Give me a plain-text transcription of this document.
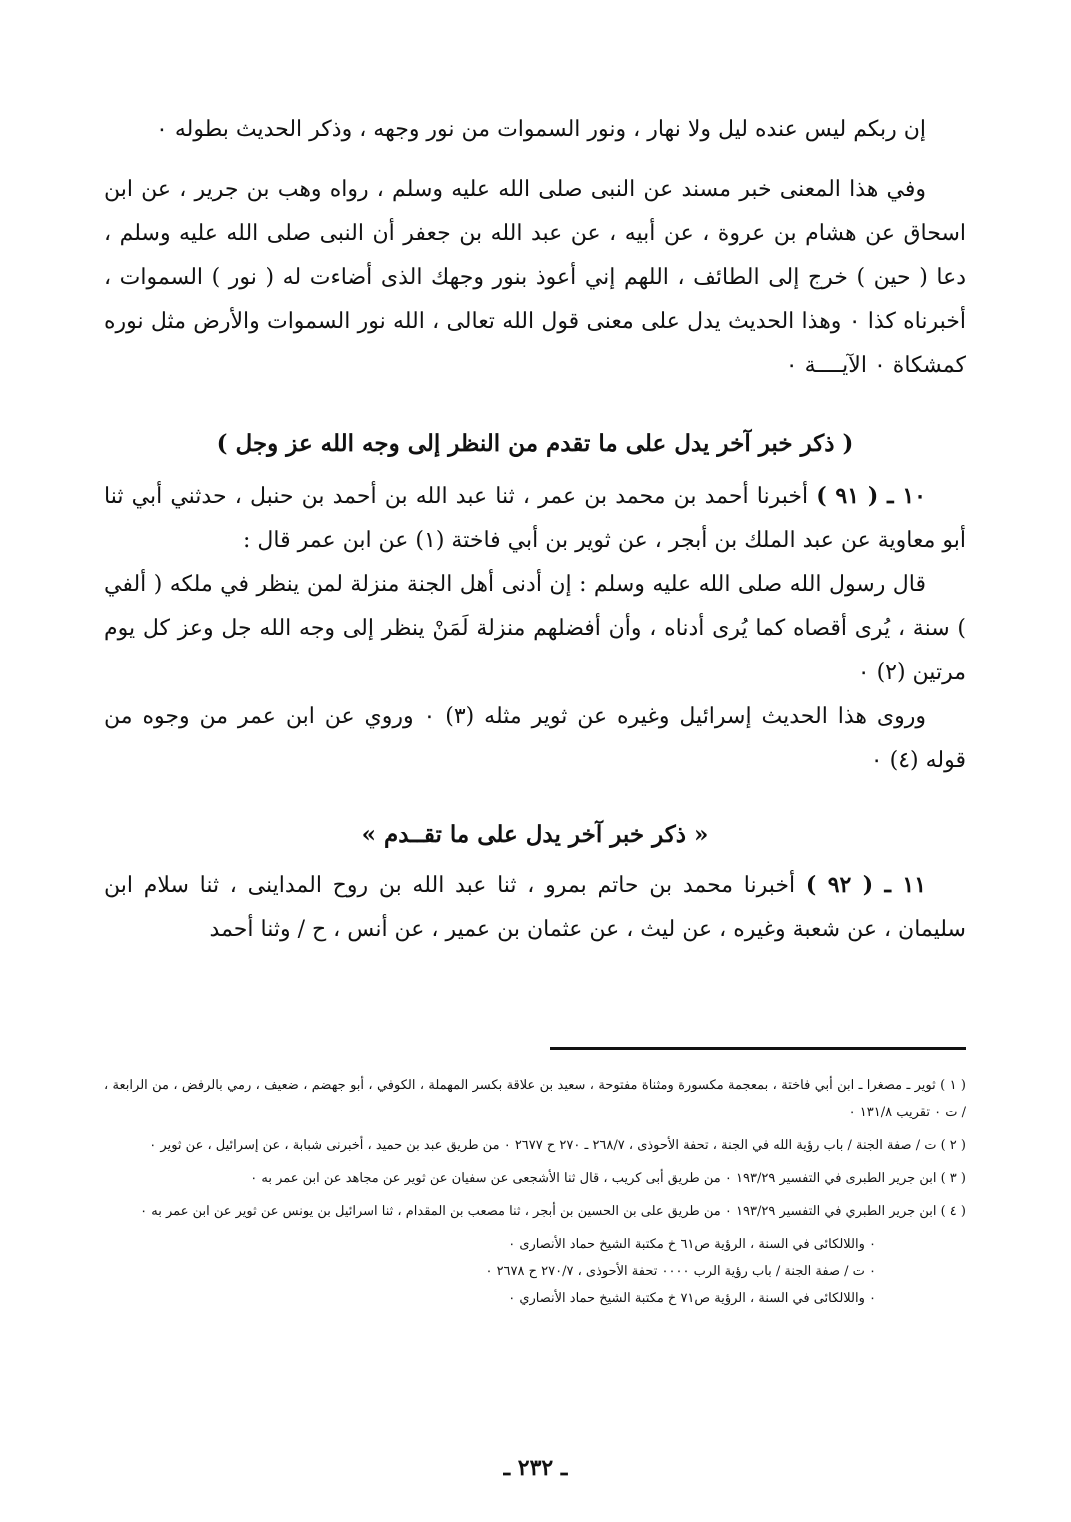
إن ربكم ليس عنده ليل ولا نهار ، ونور السموات من نور وجهه ، وذكر الحديث بطوله ٠

وفي هذا المعنى خبر مسند عن النبى صلى الله عليه وسلم ، رواه وهب بن جرير ، عن ابن اسحاق عن هشام بن عروة ، عن أبيه ، عن عبد الله بن جعفر أن النبى صلى الله عليه وسلم ، دعا ( حين ) خرج إلى الطائف ، اللهم إني أعوذ بنور وجهك الذى أضاءت له ( نور ) السموات ، أخبرناه كذا ٠ وهذا الحديث يدل على معنى قول الله تعالى ، الله نور السموات والأرض مثل نوره كمشكاة ٠ الآيــــة ٠

( ذكر خبر آخر يدل على ما تقدم من النظر إلى وجه الله عز وجل )

١٠ ـ ( ٩١ ) أخبرنا أحمد بن محمد بن عمر ، ثنا عبد الله بن أحمد بن حنبل ، حدثني أبي ثنا أبو معاوية عن عبد الملك بن أبجر ، عن ثوير بن أبي فاختة (١) عن ابن عمر قال :

قال رسول الله صلى الله عليه وسلم : إن أدنى أهل الجنة منزلة لمن ينظر في ملكه ( ألفي ) سنة ، يُرى أقصاه كما يُرى أدناه ، وأن أفضلهم منزلة لَمَنْ ينظر إلى وجه الله جل وعز كل يوم مرتين (٢) ٠

وروى هذا الحديث إسرائيل وغيره عن ثوير مثله (٣) ٠ وروي عن ابن عمر من وجوه من قوله (٤) ٠

« ذكر خبر آخر يدل على ما تقــدم »

١١ ـ ( ٩٢ ) أخبرنا محمد بن حاتم بمرو ، ثنا عبد الله بن روح المداينى ، ثنا سلام ابن سليمان ، عن شعبة وغيره ، عن ليث ، عن عثمان بن عمير ، عن أنس ، ح / وثنا أحمد

( ١ ) ثوير ـ مصغرا ـ ابن أبي فاختة ، بمعجمة مكسورة ومثناة مفتوحة ، سعيد بن علاقة بكسر المهملة ، الكوفي ، أبو جهضم ، ضعيف ، رمي بالرفض ، من الرابعة ، / ت ٠ تقريب ١٣١/٨ ٠

( ٢ ) ت / صفة الجنة / باب رؤية الله في الجنة ، تحفة الأحوذى ، ٢٦٨/٧ ـ ٢٧٠ ح ٢٦٧٧ ٠ من طريق عبد بن حميد ، أخبرنى شبابة ، عن إسرائيل ، عن ثوير ٠

( ٣ ) ابن جرير الطبرى في التفسير ١٩٣/٢٩ ٠ من طريق أبى كريب ، قال ثنا الأشجعى عن سفيان عن ثوير عن مجاهد عن ابن عمر به ٠

( ٤ ) ابن جرير الطبري في التفسير ١٩٣/٢٩ ٠ من طريق على بن الحسين بن أبجر ، ثنا مصعب بن المقدام ، ثنا اسرائيل بن يونس عن ثوير عن ابن عمر به ٠

٠ واللالكائى في السنة ، الرؤية ص٦١ خ مكتبة الشيخ حماد الأنصارى ٠

٠ ت / صفة الجنة / باب رؤية الرب ٠٠٠٠ تحفة الأحوذى ، ٢٧٠/٧ ح ٢٦٧٨ ٠

٠ واللالكائى في السنة ، الرؤية ص٧١ خ مكتبة الشيخ حماد الأنصاري ٠

ـ ٢٣٢ ـ
